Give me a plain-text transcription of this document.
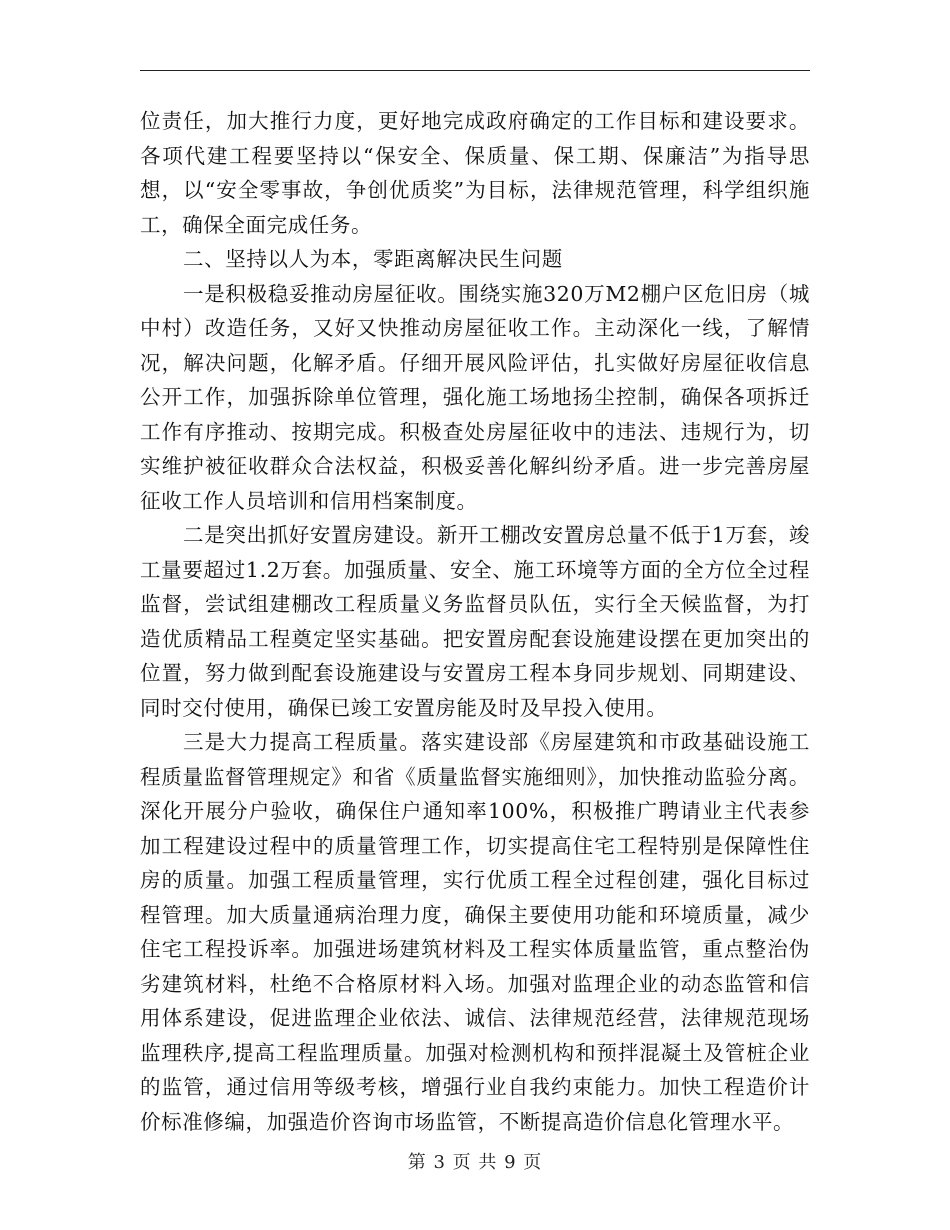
位责任，加大推行力度，更好地完成政府确定的工作目标和建设要求。各项代建工程要坚持以“保安全、保质量、保工期、保廉洁”为指导思想，以“安全零事故，争创优质奖”为目标，法律规范管理，科学组织施工，确保全面完成任务。

二、坚持以人为本，零距离解决民生问题

一是积极稳妥推动房屋征收。围绕实施320万M2棚户区危旧房（城中村）改造任务，又好又快推动房屋征收工作。主动深化一线，了解情况，解决问题，化解矛盾。仔细开展风险评估，扎实做好房屋征收信息公开工作，加强拆除单位管理，强化施工场地扬尘控制，确保各项拆迁工作有序推动、按期完成。积极查处房屋征收中的违法、违规行为，切实维护被征收群众合法权益，积极妥善化解纠纷矛盾。进一步完善房屋征收工作人员培训和信用档案制度。

二是突出抓好安置房建设。新开工棚改安置房总量不低于1万套，竣工量要超过1.2万套。加强质量、安全、施工环境等方面的全方位全过程监督，尝试组建棚改工程质量义务监督员队伍，实行全天候监督，为打造优质精品工程奠定坚实基础。把安置房配套设施建设摆在更加突出的位置，努力做到配套设施建设与安置房工程本身同步规划、同期建设、同时交付使用，确保已竣工安置房能及时及早投入使用。

三是大力提高工程质量。落实建设部《房屋建筑和市政基础设施工程质量监督管理规定》和省《质量监督实施细则》，加快推动监验分离。深化开展分户验收，确保住户通知率100%，积极推广聘请业主代表参加工程建设过程中的质量管理工作，切实提高住宅工程特别是保障性住房的质量。加强工程质量管理，实行优质工程全过程创建，强化目标过程管理。加大质量通病治理力度，确保主要使用功能和环境质量，减少住宅工程投诉率。加强进场建筑材料及工程实体质量监管，重点整治伪劣建筑材料，杜绝不合格原材料入场。加强对监理企业的动态监管和信用体系建设，促进监理企业依法、诚信、法律规范经营，法律规范现场监理秩序,提高工程监理质量。加强对检测机构和预拌混凝土及管桩企业的监管，通过信用等级考核，增强行业自我约束能力。加快工程造价计价标准修编，加强造价咨询市场监管，不断提高造价信息化管理水平。

第 3 页 共 9 页
